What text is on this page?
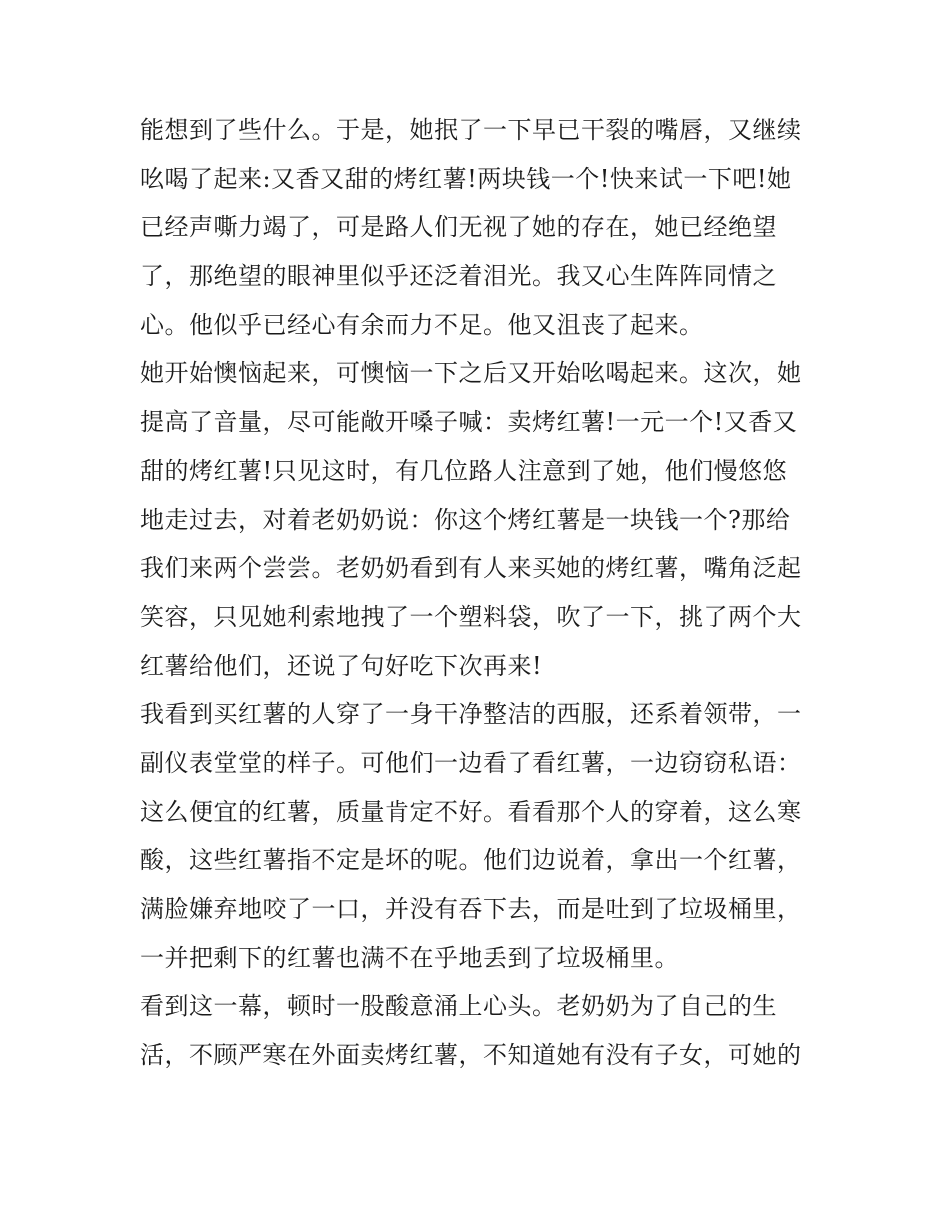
能想到了些什么。于是，她抿了一下早已干裂的嘴唇，又继续
吆喝了起来:又香又甜的烤红薯!两块钱一个!快来试一下吧!她
已经声嘶力竭了，可是路人们无视了她的存在，她已经绝望
了，那绝望的眼神里似乎还泛着泪光。我又心生阵阵同情之
心。他似乎已经心有余而力不足。他又沮丧了起来。
她开始懊恼起来，可懊恼一下之后又开始吆喝起来。这次，她
提高了音量，尽可能敞开嗓子喊：卖烤红薯!一元一个!又香又
甜的烤红薯!只见这时，有几位路人注意到了她，他们慢悠悠
地走过去，对着老奶奶说：你这个烤红薯是一块钱一个?那给
我们来两个尝尝。老奶奶看到有人来买她的烤红薯，嘴角泛起
笑容，只见她利索地拽了一个塑料袋，吹了一下，挑了两个大
红薯给他们，还说了句好吃下次再来!
我看到买红薯的人穿了一身干净整洁的西服，还系着领带，一
副仪表堂堂的样子。可他们一边看了看红薯，一边窃窃私语：
这么便宜的红薯，质量肯定不好。看看那个人的穿着，这么寒
酸，这些红薯指不定是坏的呢。他们边说着，拿出一个红薯，
满脸嫌弃地咬了一口，并没有吞下去，而是吐到了垃圾桶里，
一并把剩下的红薯也满不在乎地丢到了垃圾桶里。
看到这一幕，顿时一股酸意涌上心头。老奶奶为了自己的生
活，不顾严寒在外面卖烤红薯，不知道她有没有子女，可她的
